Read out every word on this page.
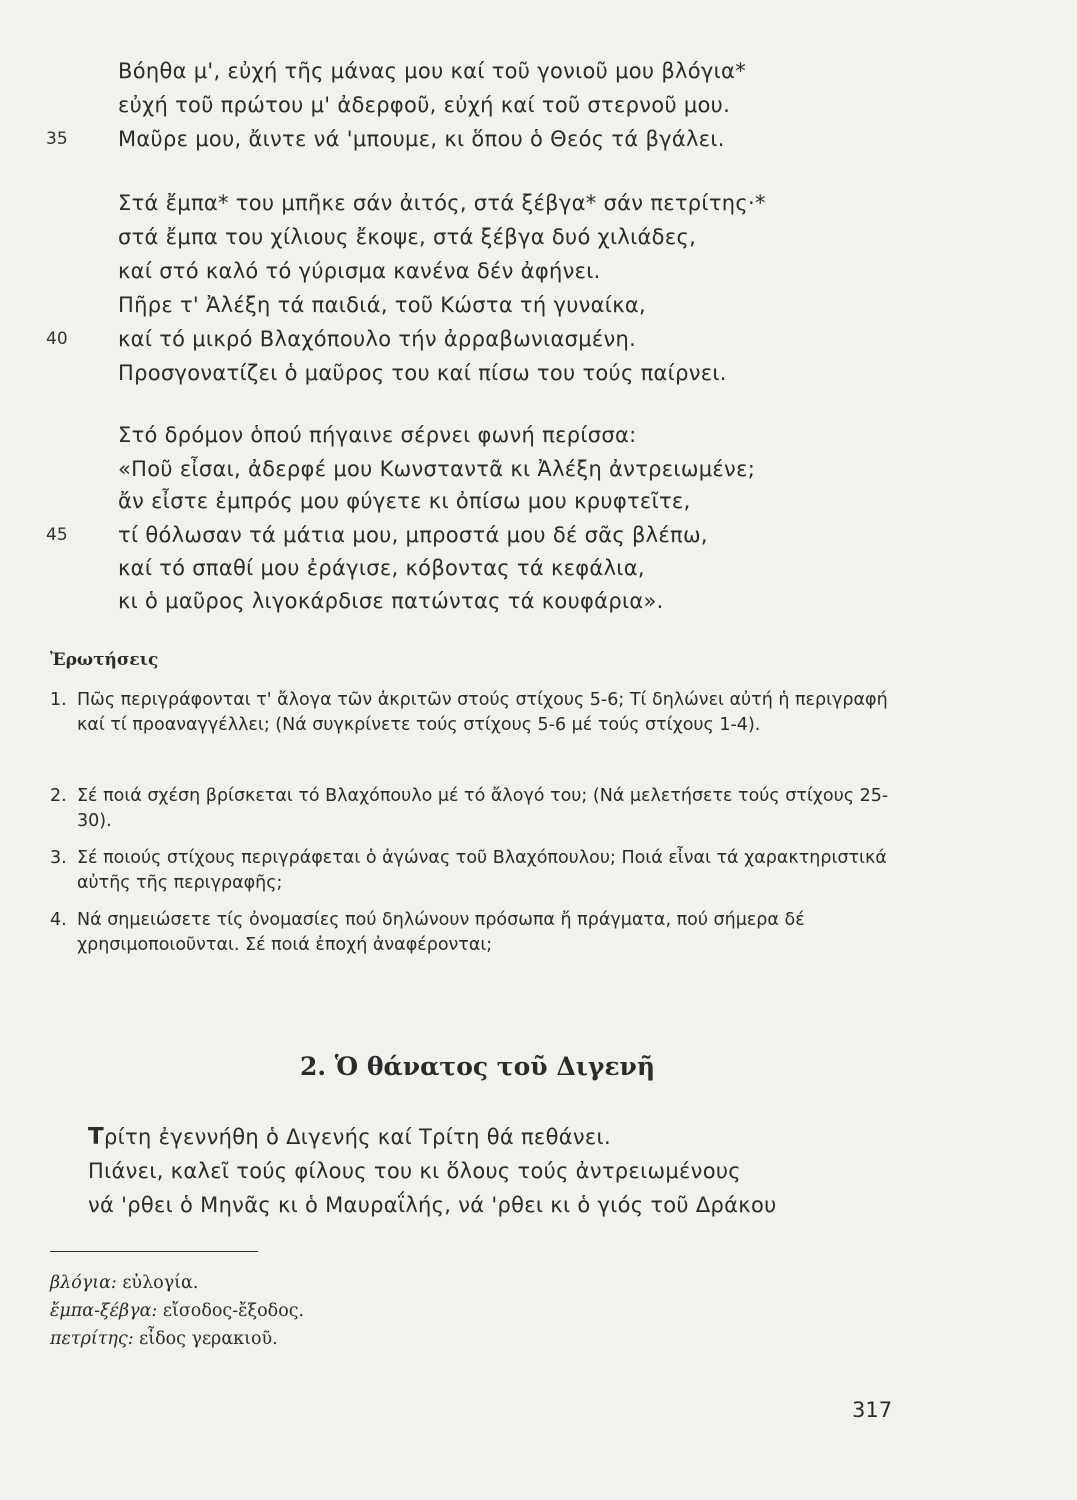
Βόηθα μ', εὐχή τῆς μάνας μου καί τοῦ γονιοῦ μου βλόγια*
εὐχή τοῦ πρώτου μ' ἀδερφοῦ, εὐχή καί τοῦ στερνοῦ μου.
35 Μαῦρε μου, ἄιντε νά 'μπουμε, κι ὅπου ὁ Θεός τά βγάλει.
Στά ἔμπα* του μπῆκε σάν ἀιτός, στά ξέβγα* σάν πετρίτης·*
στά ἔμπα του χίλιους ἔκοψε, στά ξέβγα δυό χιλιάδες,
καί στό καλό τό γύρισμα κανένα δέν ἀφήνει.
Πῆρε τ' Ἀλέξη τά παιδιά, τοῦ Κώστα τή γυναίκα,
40 καί τό μικρό Βλαχόπουλο τήν ἀρραβωνιασμένη.
Προσγονατίζει ὁ μαῦρος του καί πίσω του τούς παίρνει.
Στό δρόμον ὁπού πήγαινε σέρνει φωνή περίσσα:
«Ποῦ εἶσαι, ἀδερφέ μου Κωνσταντᾶ κι Ἀλέξη ἀντρειωμένε;
ἄν εἶστε ἐμπρός μου φύγετε κι ὀπίσω μου κρυφτεῖτε,
45 τί θόλωσαν τά μάτια μου, μπροστά μου δέ σᾶς βλέπω,
καί τό σπαθί μου ἐράγισε, κόβοντας τά κεφάλια,
κι ὁ μαῦρος λιγοκάρδισε πατώντας τά κουφάρια».
Ἐρωτήσεις
1. Πῶς περιγράφονται τ' ἄλογα τῶν ἀκριτῶν στούς στίχους 5-6; Τί δηλώνει αὐτή ἡ περιγραφή καί τί προαναγγέλλει; (Νά συγκρίνετε τούς στίχους 5-6 μέ τούς στίχους 1-4).
2. Σέ ποιά σχέση βρίσκεται τό Βλαχόπουλο μέ τό ἄλογό του; (Νά μελετήσετε τούς στίχους 25-30).
3. Σέ ποιούς στίχους περιγράφεται ὁ ἀγώνας τοῦ Βλαχόπουλου; Ποιά εἶναι τά χαρακτηριστικά αὐτῆς τῆς περιγραφῆς;
4. Νά σημειώσετε τίς ὀνομασίες πού δηλώνουν πρόσωπα ἤ πράγματα, πού σήμερα δέ χρησιμοποιοῦνται. Σέ ποιά ἐποχή ἀναφέρονται;
2. Ὁ θάνατος τοῦ Διγενῆ
Τρίτη ἐγεννήθη ὁ Διγενής καί Τρίτη θά πεθάνει.
Πιάνει, καλεῖ τούς φίλους του κι ὅλους τούς ἀντρειωμένους
νά 'ρθει ὁ Μηνᾶς κι ὁ Μαυραΐλής, νά 'ρθει κι ὁ γιός τοῦ Δράκου
βλόγια: εὐλογία.
ἔμπα-ξέβγα: εἴσοδος-ἔξοδος.
πετρίτης: εἶδος γερακιοῦ.
317
